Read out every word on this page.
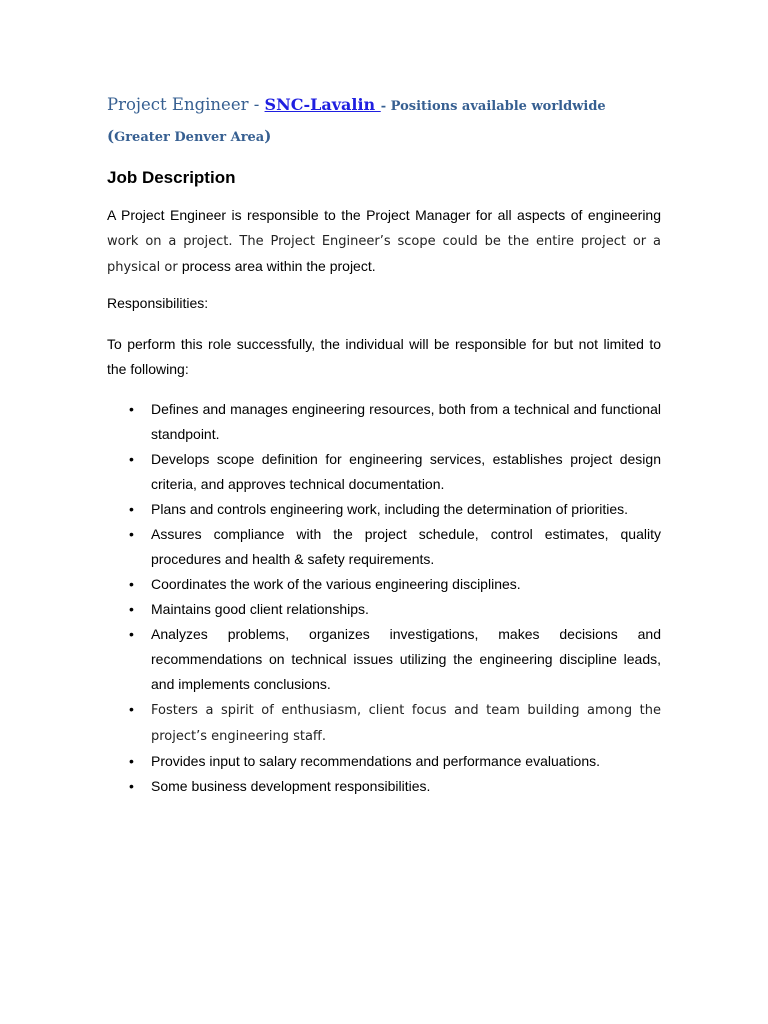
Project Engineer - SNC-Lavalin - Positions available worldwide (Greater Denver Area)
Job Description
A Project Engineer is responsible to the Project Manager for all aspects of engineering work on a project. The Project Engineer’s scope could be the entire project or a physical or process area within the project.
Responsibilities:
To perform this role successfully, the individual will be responsible for but not limited to the following:
• Defines and manages engineering resources, both from a technical and functional standpoint.
• Develops scope definition for engineering services, establishes project design criteria, and approves technical documentation.
• Plans and controls engineering work, including the determination of priorities.
• Assures compliance with the project schedule, control estimates, quality procedures and health & safety requirements.
• Coordinates the work of the various engineering disciplines.
• Maintains good client relationships.
• Analyzes problems, organizes investigations, makes decisions and recommendations on technical issues utilizing the engineering discipline leads, and implements conclusions.
• Fosters a spirit of enthusiasm, client focus and team building among the project’s engineering staff.
• Provides input to salary recommendations and performance evaluations.
• Some business development responsibilities.
